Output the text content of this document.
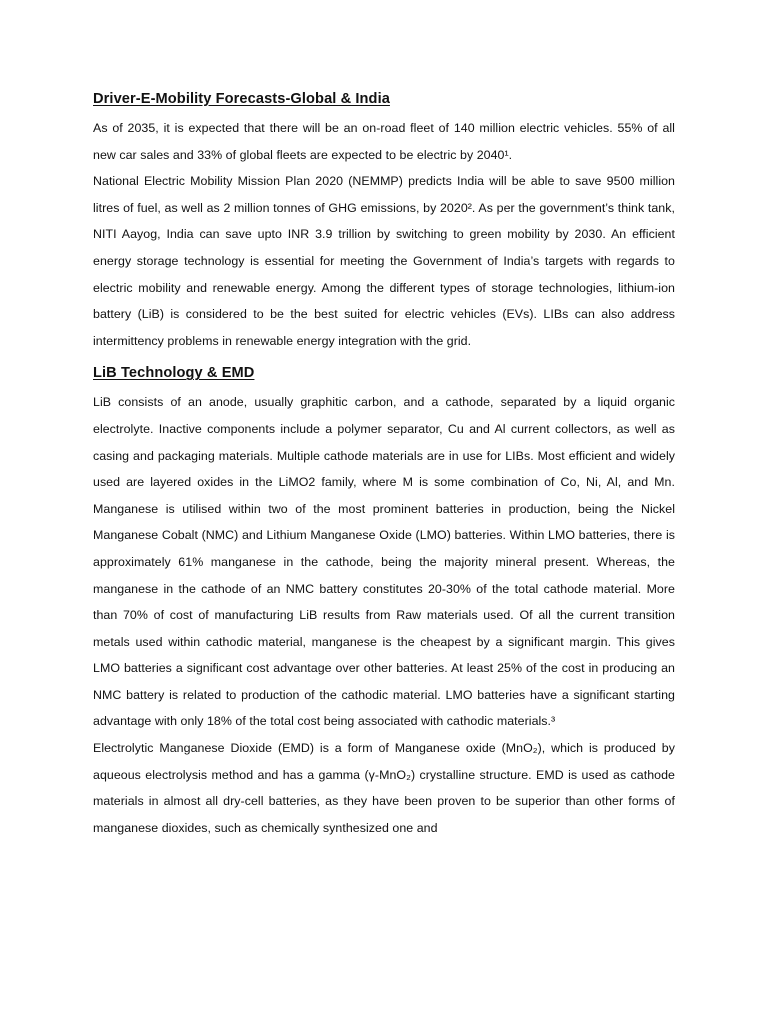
Driver-E-Mobility Forecasts-Global & India

As of 2035, it is expected that there will be an on-road fleet of 140 million electric vehicles. 55% of all new car sales and 33% of global fleets are expected to be electric by 2040¹.

National Electric Mobility Mission Plan 2020 (NEMMP) predicts India will be able to save 9500 million litres of fuel, as well as 2 million tonnes of GHG emissions, by 2020². As per the government’s think tank, NITI Aayog, India can save upto INR 3.9 trillion by switching to green mobility by 2030. An efficient energy storage technology is essential for meeting the Government of India’s targets with regards to electric mobility and renewable energy. Among the different types of storage technologies, lithium-ion battery (LiB) is considered to be the best suited for electric vehicles (EVs). LIBs can also address intermittency problems in renewable energy integration with the grid.

LiB Technology & EMD

LiB consists of an anode, usually graphitic carbon, and a cathode, separated by a liquid organic electrolyte. Inactive components include a polymer separator, Cu and Al current collectors, as well as casing and packaging materials. Multiple cathode materials are in use for LIBs. Most efficient and widely used are layered oxides in the LiMO2 family, where M is some combination of Co, Ni, Al, and Mn. Manganese is utilised within two of the most prominent batteries in production, being the Nickel Manganese Cobalt (NMC) and Lithium Manganese Oxide (LMO) batteries. Within LMO batteries, there is approximately 61% manganese in the cathode, being the majority mineral present. Whereas, the manganese in the cathode of an NMC battery constitutes 20-30% of the total cathode material. More than 70% of cost of manufacturing LiB results from Raw materials used. Of all the current transition metals used within cathodic material, manganese is the cheapest by a significant margin. This gives LMO batteries a significant cost advantage over other batteries. At least 25% of the cost in producing an NMC battery is related to production of the cathodic material. LMO batteries have a significant starting advantage with only 18% of the total cost being associated with cathodic materials.³

Electrolytic Manganese Dioxide (EMD) is a form of Manganese oxide (MnO₂), which is produced by aqueous electrolysis method and has a gamma (γ-MnO₂) crystalline structure. EMD is used as cathode materials in almost all dry-cell batteries, as they have been proven to be superior than other forms of manganese dioxides, such as chemically synthesized one and
